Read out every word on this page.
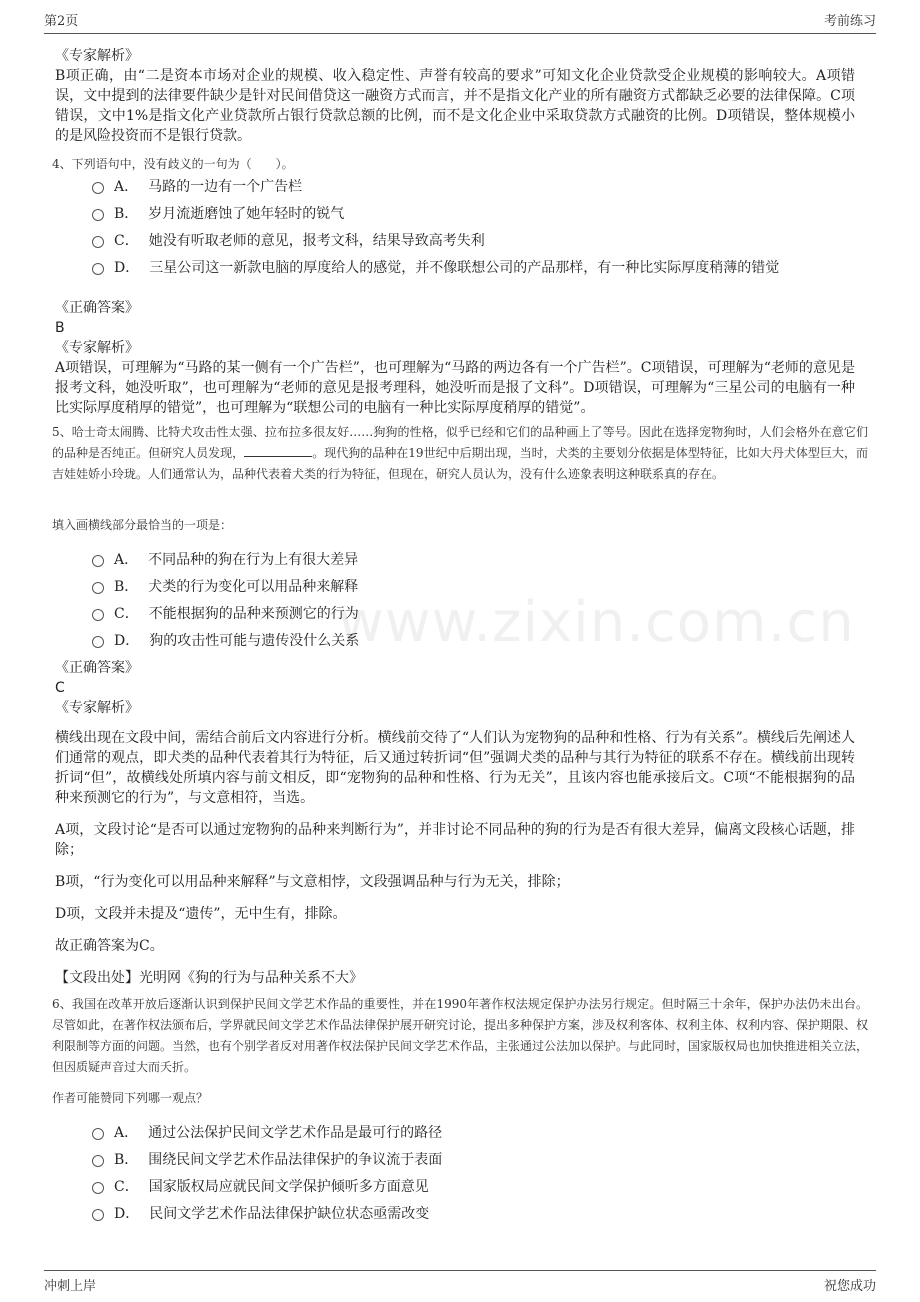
第2页	考前练习
www.zixin.com.cn
《专家解析》
B项正确，由“二是资本市场对企业的规模、收入稳定性、声誉有较高的要求”可知文化企业贷款受企业规模的影响较大。A项错误，文中提到的法律要件缺少是针对民间借贷这一融资方式而言，并不是指文化产业的所有融资方式都缺乏必要的法律保障。C项错误，文中1%是指文化产业贷款所占银行贷款总额的比例，而不是文化企业中采取贷款方式融资的比例。D项错误，整体规模小的是风险投资而不是银行贷款。
4、下列语句中，没有歧义的一句为（　　）。
A． 马路的一边有一个广告栏
B． 岁月流逝磨蚀了她年轻时的锐气
C． 她没有听取老师的意见，报考文科，结果导致高考失利
D． 三星公司这一新款电脑的厚度给人的感觉，并不像联想公司的产品那样，有一种比实际厚度稍薄的错觉
《正确答案》
B
《专家解析》
A项错误，可理解为“马路的某一侧有一个广告栏”，也可理解为“马路的两边各有一个广告栏”。C项错误，可理解为“老师的意见是报考文科，她没听取”，也可理解为“老师的意见是报考理科，她没听而是报了文科”。D项错误，可理解为“三星公司的电脑有一种比实际厚度稍厚的错觉”，也可理解为“联想公司的电脑有一种比实际厚度稍厚的错觉”。
5、哈士奇太闹腾、比特犬攻击性太强、拉布拉多很友好……狗狗的性格，似乎已经和它们的品种画上了等号。因此在选择宠物狗时，人们会格外在意它们的品种是否纯正。但研究人员发现，	。现代狗的品种在19世纪中后期出现，当时，犬类的主要划分依据是体型特征，比如大丹犬体型巨大，而吉娃娃娇小玲珑。人们通常认为，品种代表着犬类的行为特征，但现在，研究人员认为，没有什么迹象表明这种联系真的存在。
填入画横线部分最恰当的一项是：
A． 不同品种的狗在行为上有很大差异
B． 犬类的行为变化可以用品种来解释
C． 不能根据狗的品种来预测它的行为
D． 狗的攻击性可能与遗传没什么关系
《正确答案》
C
《专家解析》
横线出现在文段中间，需结合前后文内容进行分析。横线前交待了“人们认为宠物狗的品种和性格、行为有关系”。横线后先阐述人们通常的观点，即犬类的品种代表着其行为特征，后又通过转折词“但”强调犬类的品种与其行为特征的联系不存在。横线前出现转折词“但”，故横线处所填内容与前文相反，即“宠物狗的品种和性格、行为无关”，且该内容也能承接后文。C项“不能根据狗的品种来预测它的行为”，与文意相符，当选。
A项，文段讨论“是否可以通过宠物狗的品种来判断行为”，并非讨论不同品种的狗的行为是否有很大差异，偏离文段核心话题，排除；
B项，“行为变化可以用品种来解释”与文意相悖，文段强调品种与行为无关，排除；
D项，文段并未提及“遗传”，无中生有，排除。
故正确答案为C。
【文段出处】光明网《狗的行为与品种关系不大》
6、我国在改革开放后逐渐认识到保护民间文学艺术作品的重要性，并在1990年著作权法规定保护办法另行规定。但时隔三十余年，保护办法仍未出台。尽管如此，在著作权法颁布后，学界就民间文学艺术作品法律保护展开研究讨论，提出多种保护方案，涉及权利客体、权利主体、权利内容、保护期限、权利限制等方面的问题。当然，也有个别学者反对用著作权法保护民间文学艺术作品，主张通过公法加以保护。与此同时，国家版权局也加快推进相关立法，但因质疑声音过大而夭折。
作者可能赞同下列哪一观点？
A． 通过公法保护民间文学艺术作品是最可行的路径
B． 围绕民间文学艺术作品法律保护的争议流于表面
C． 国家版权局应就民间文学保护倾听多方面意见
D． 民间文学艺术作品法律保护缺位状态亟需改变
冲刺上岸	祝您成功
